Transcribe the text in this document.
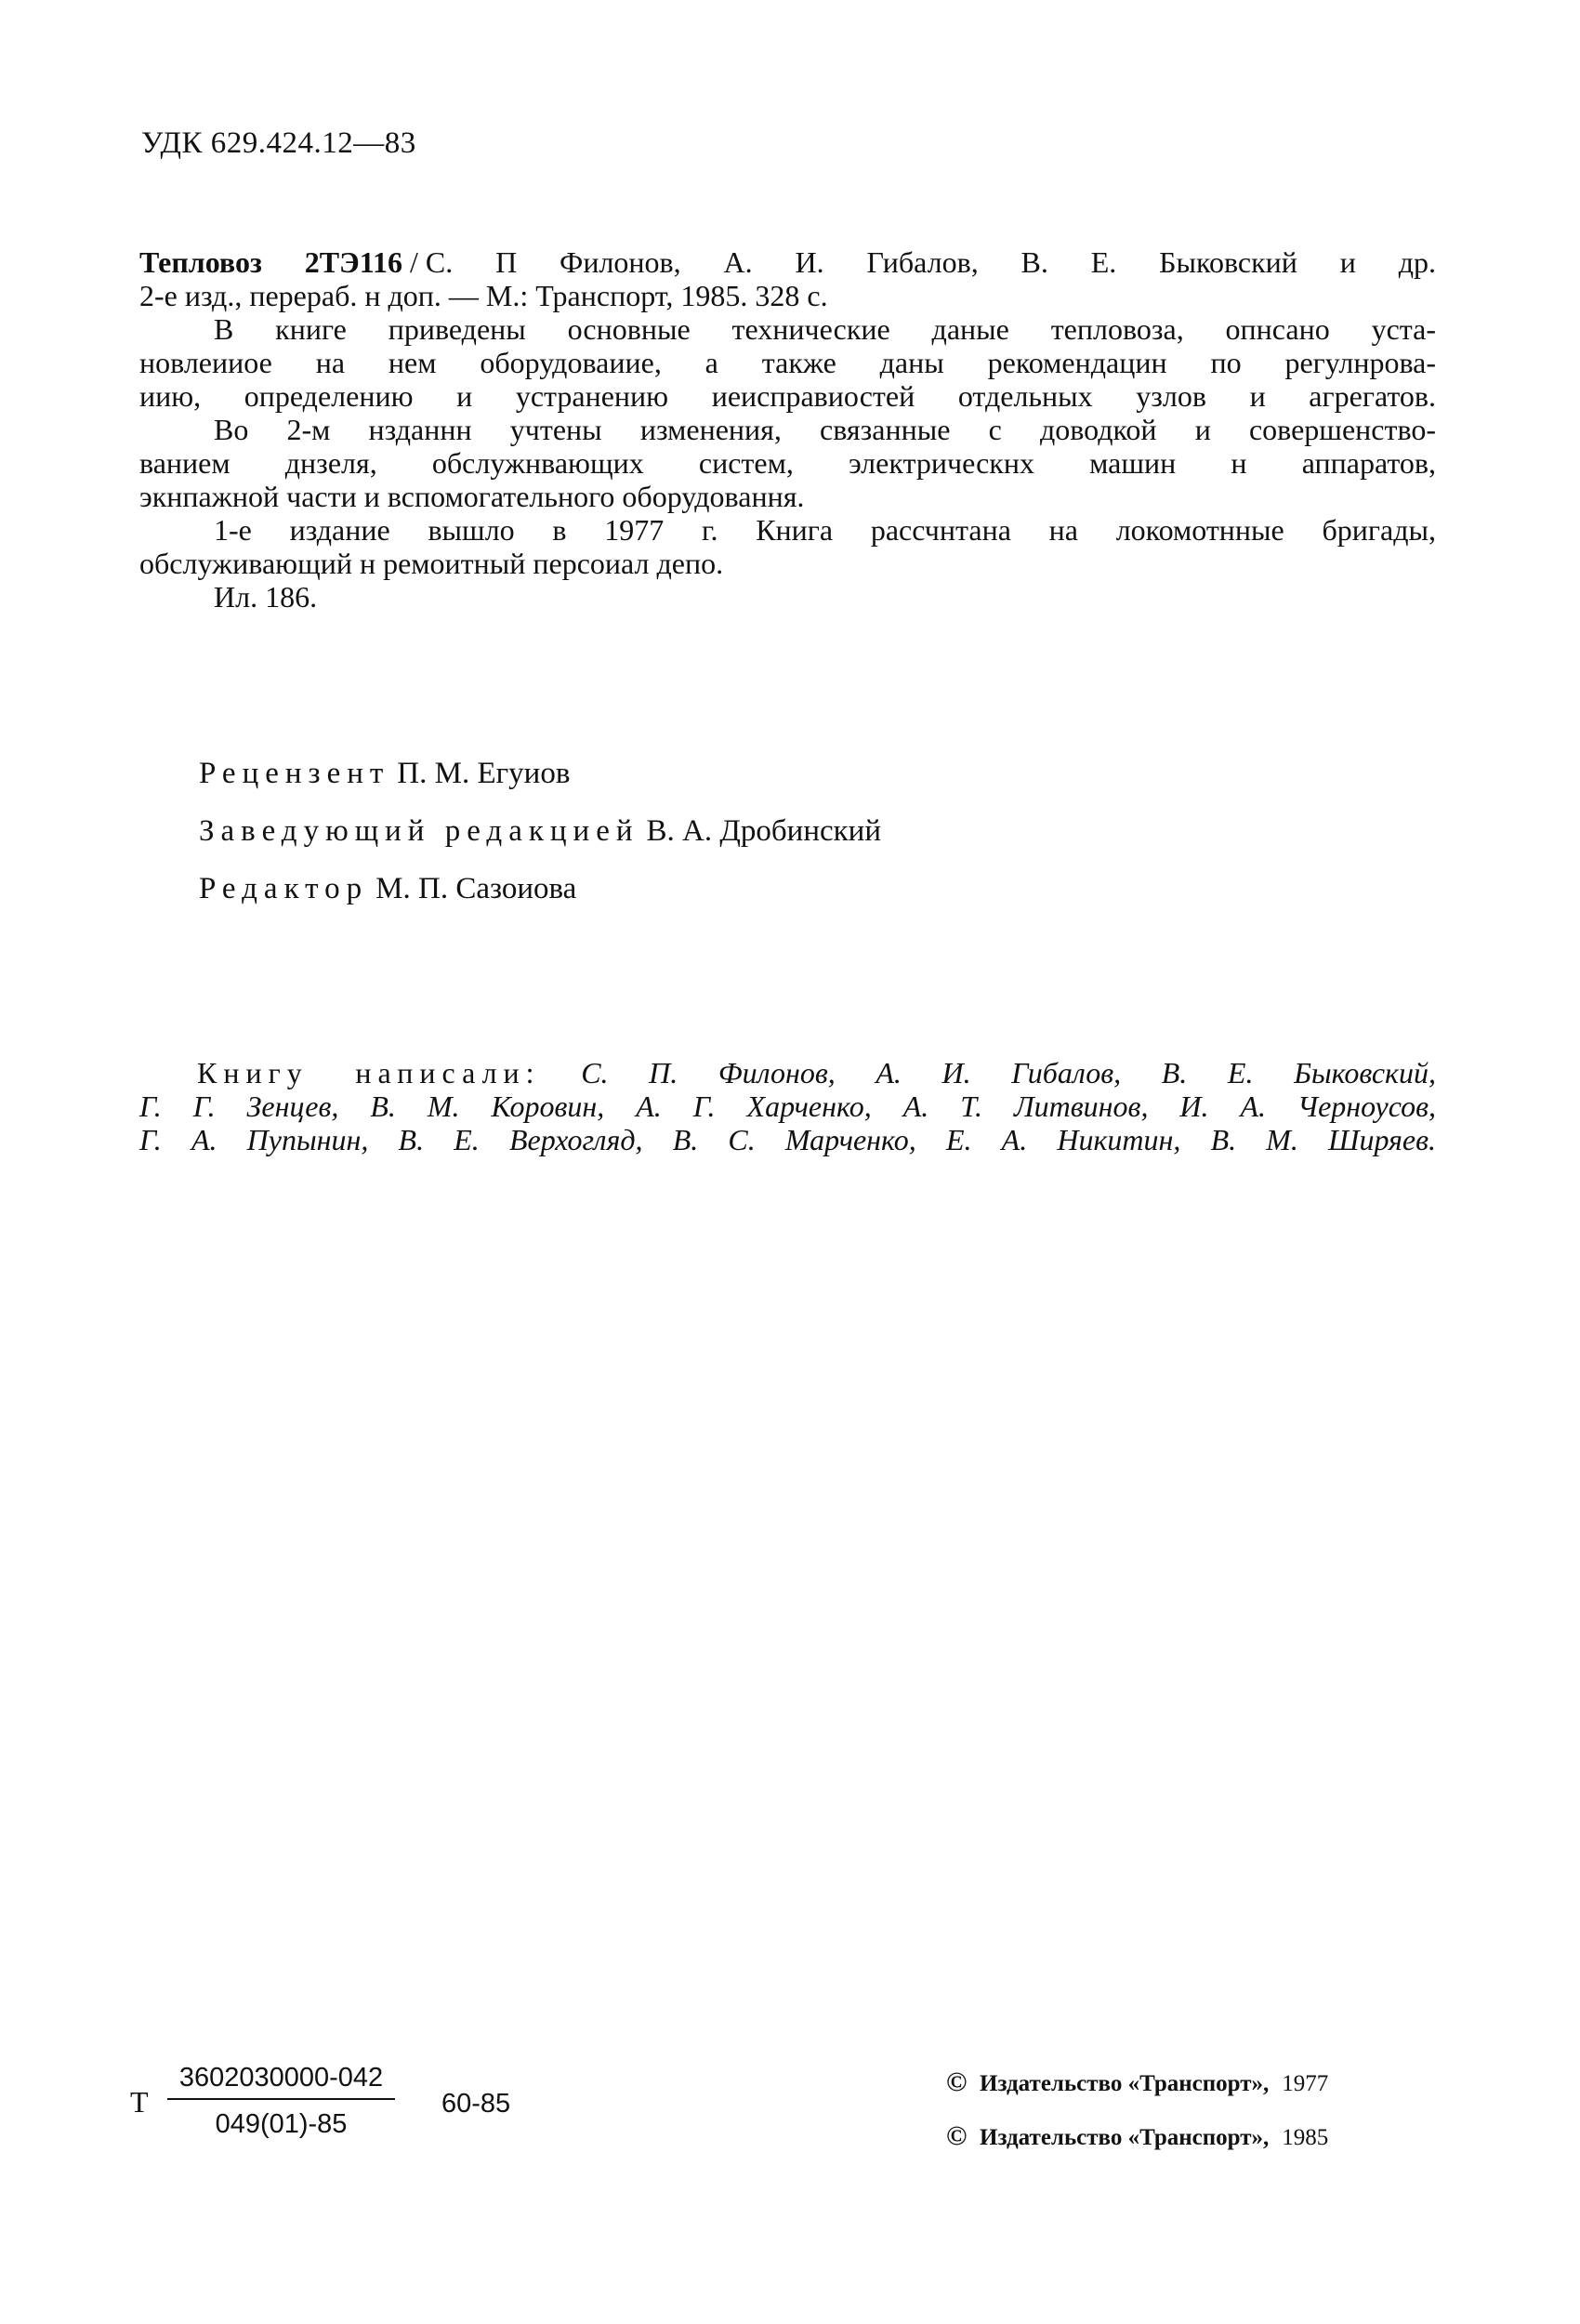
УДК 629.424.12—83
Тепловоз 2ТЭ116 / С. П Филонов, А. И. Гибалов, В. Е. Быковский и др.
2-е изд., перераб. н доп. — М.: Транспорт, 1985. 328 с.
В книге приведены основные технические даные тепловоза, опнсано уста-
новлеииое на нем оборудоваиие, а также даны рекомендацин по регулнрова-
иию, определению и устранению иеисправиостей отдельных узлов и агрегатов.
Во 2-м нзданнн учтены изменения, связанные с доводкой и совершенство-
ванием днзеля, обслужнвающих систем, электрическнх машин н аппаратов,
экнпажной части и вспомогательного оборудовання.
1-е издание вышло в 1977 г. Книга рассчнтана на локомотнные бригады,
обслуживающий н ремоитный персоиал депо.
Ил. 186.
Рецензент П. М. Егуиов
Заведующий редакцией В. А. Дробинский
Редактор М. П. Сазоиова
Книгу написали: С. П. Филонов, А. И. Гибалов, В. Е. Быковский,
Г. Г. Зенцев, В. М. Коровин, А. Г. Харченко, А. Т. Литвинов, И. А. Черноусов,
Г. А. Пупынин, В. Е. Верхогляд, В. С. Марченко, Е. А. Никитин, В. М. Ширяев.
Т
3602030000-042
049(01)-85
60-85
© Издательство «Транспорт», 1977
© Издательство «Транспорт», 1985
